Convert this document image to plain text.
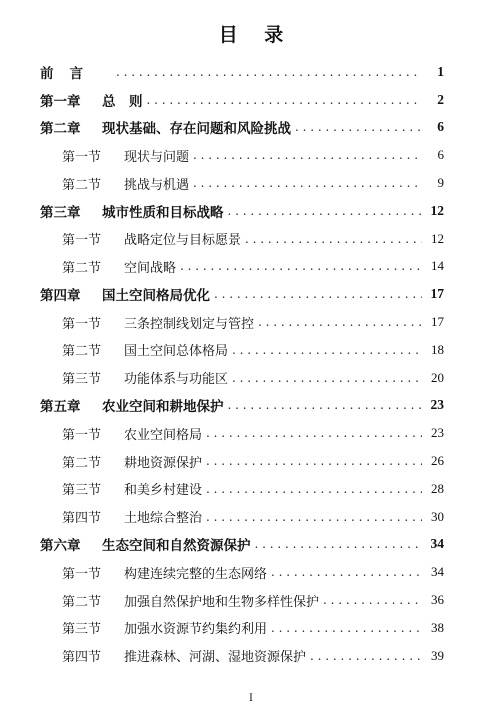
目 录
前言 . . .	1
第一章	总　则 . . .	2
第二章	现状基础、存在问题和风险挑战 . . .	6
第一节	现状与问题 . . .	6
第二节	挑战与机遇 . . .	9
第三章	城市性质和目标战略 . . .	12
第一节	战略定位与目标愿景 . . .	12
第二节	空间战略 . . .	14
第四章	国土空间格局优化 . . .	17
第一节	三条控制线划定与管控 . . .	17
第二节	国土空间总体格局 . . .	18
第三节	功能体系与功能区 . . .	20
第五章	农业空间和耕地保护 . . .	23
第一节	农业空间格局 . . .	23
第二节	耕地资源保护 . . .	26
第三节	和美乡村建设 . . .	28
第四节	土地综合整治 . . .	30
第六章	生态空间和自然资源保护 . . .	34
第一节	构建连续完整的生态网络 . . .	34
第二节	加强自然保护地和生物多样性保护 . . .	36
第三节	加强水资源节约集约利用 . . .	38
第四节	推进森林、河湖、湿地资源保护 . . .	39
I
